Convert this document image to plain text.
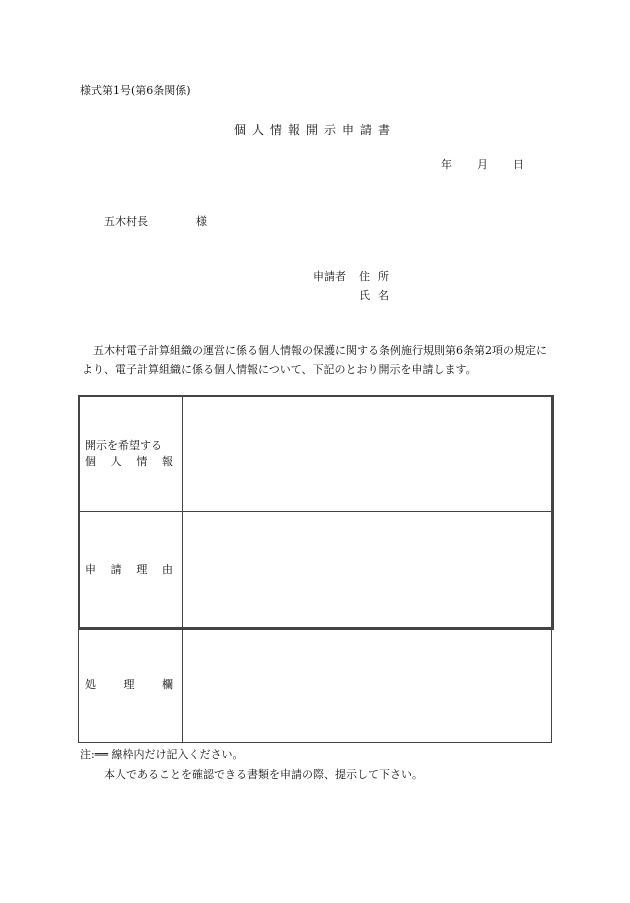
様式第1号(第6条関係)
個人情報開示申請書
年 月 日
五木村長	様
申請者 住所
氏名
五木村電子計算組織の運営に係る個人情報の保護に関する条例施行規則第6条第2項の規定により、電子計算組織に係る個人情報について、下記のとおり開示を申請します。
開示を希望する
個 人 情 報	

申 請 理 由	

処 理 欄	

注:══ 線枠内だけ記入ください。
本人であることを確認できる書類を申請の際、提示して下さい。
